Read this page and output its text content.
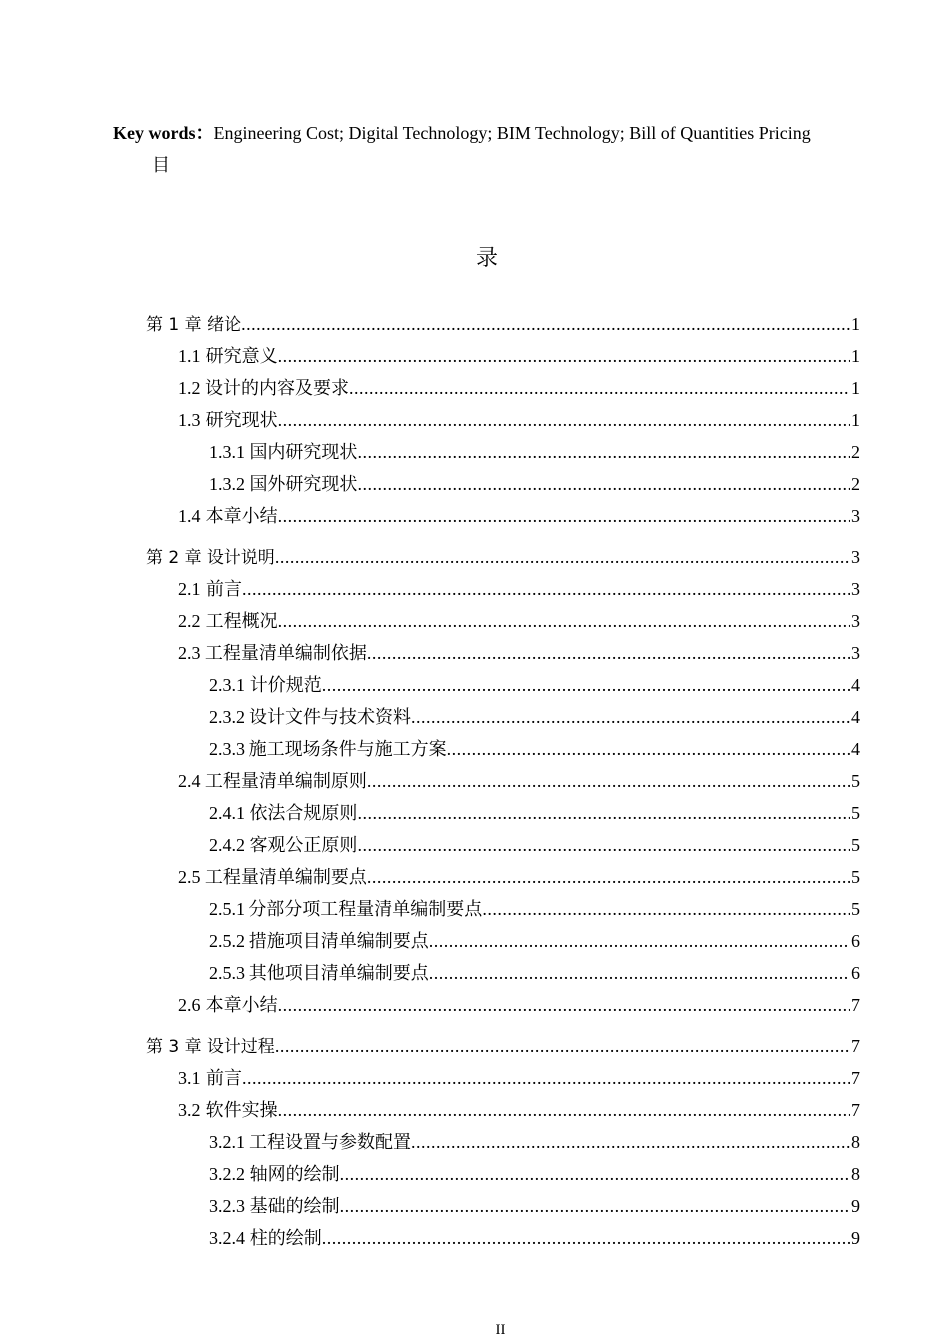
Key words：Engineering Cost; Digital Technology; BIM Technology; Bill of Quantities Pricing
目
录
第 1 章 绪论 .....	1
1.1 研究意义 .....	1
1.2 设计的内容及要求 .....	1
1.3 研究现状 .....	1
1.3.1 国内研究现状 .....	2
1.3.2 国外研究现状 .....	2
1.4 本章小结 .....	3
第 2 章 设计说明 .....	3
2.1 前言 .....	3
2.2 工程概况 .....	3
2.3 工程量清单编制依据 .....	3
2.3.1 计价规范 .....	4
2.3.2 设计文件与技术资料 .....	4
2.3.3 施工现场条件与施工方案 .....	4
2.4 工程量清单编制原则 .....	5
2.4.1 依法合规原则 .....	5
2.4.2 客观公正原则 .....	5
2.5 工程量清单编制要点 .....	5
2.5.1 分部分项工程量清单编制要点 .....	5
2.5.2 措施项目清单编制要点 .....	6
2.5.3 其他项目清单编制要点 .....	6
2.6 本章小结 .....	7
第 3 章 设计过程 .....	7
3.1 前言 .....	7
3.2 软件实操 .....	7
3.2.1 工程设置与参数配置 .....	8
3.2.2 轴网的绘制 .....	8
3.2.3 基础的绘制 .....	9
3.2.4 柱的绘制 .....	9
II
